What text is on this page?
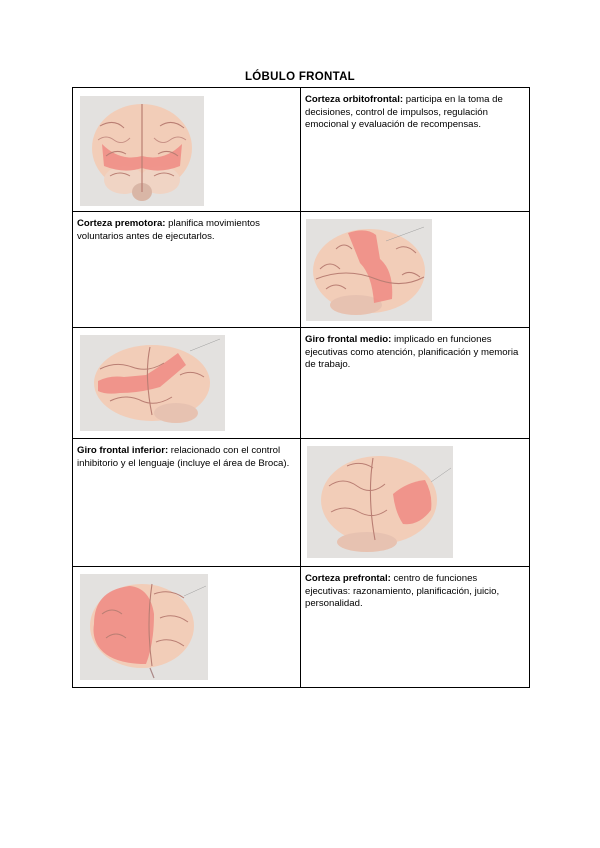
LÓBULO FRONTAL

Corteza orbitofrontal: participa en la toma de decisiones, control de impulsos, regulación emocional y evaluación de recompensas.

Corteza premotora: planifica movimientos voluntarios antes de ejecutarlos.

Giro frontal medio: implicado en funciones ejecutivas como atención, planificación y memoria de trabajo.

Giro frontal inferior: relacionado con el control inhibitorio y el lenguaje (incluye el área de Broca).

Corteza prefrontal: centro de funciones ejecutivas: razonamiento, planificación, juicio, personalidad.
